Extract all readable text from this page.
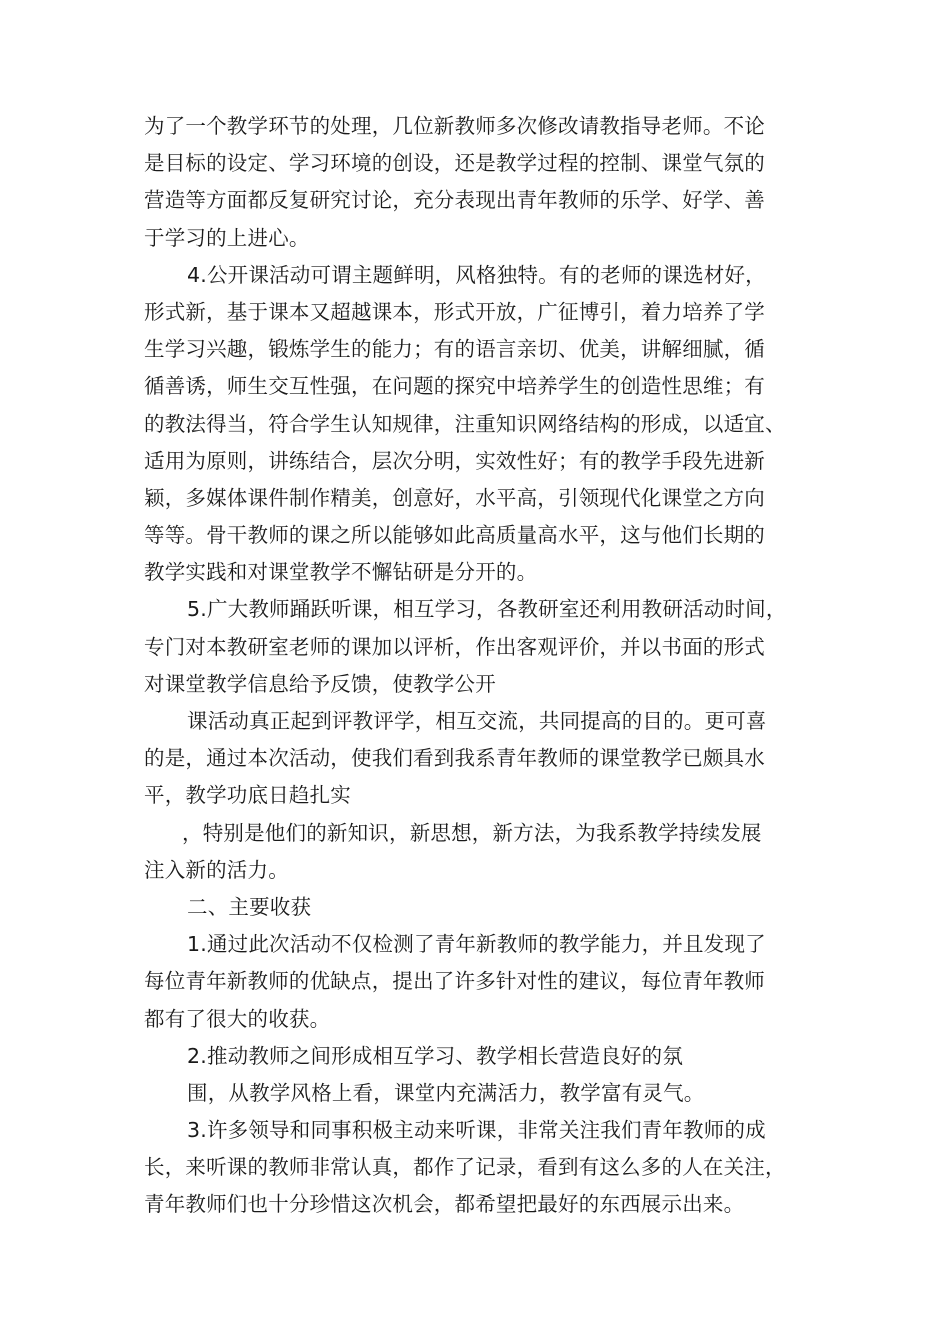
为了一个教学环节的处理，几位新教师多次修改请教指导老师。不论
是目标的设定、学习环境的创设，还是教学过程的控制、课堂气氛的
营造等方面都反复研究讨论，充分表现出青年教师的乐学、好学、善
于学习的上进心。
4.公开课活动可谓主题鲜明，风格独特。有的老师的课选材好，
形式新，基于课本又超越课本，形式开放，广征博引，着力培养了学
生学习兴趣，锻炼学生的能力；有的语言亲切、优美，讲解细腻，循
循善诱，师生交互性强，在问题的探究中培养学生的创造性思维；有
的教法得当，符合学生认知规律，注重知识网络结构的形成，以适宜、
适用为原则，讲练结合，层次分明，实效性好；有的教学手段先进新
颖，多媒体课件制作精美，创意好，水平高，引领现代化课堂之方向
等等。骨干教师的课之所以能够如此高质量高水平，这与他们长期的
教学实践和对课堂教学不懈钻研是分开的。
5.广大教师踊跃听课，相互学习，各教研室还利用教研活动时间，
专门对本教研室老师的课加以评析，作出客观评价，并以书面的形式
对课堂教学信息给予反馈，使教学公开
课活动真正起到评教评学，相互交流，共同提高的目的。更可喜
的是，通过本次活动，使我们看到我系青年教师的课堂教学已颇具水
平，教学功底日趋扎实
，特别是他们的新知识，新思想，新方法，为我系教学持续发展
注入新的活力。
二、主要收获
1.通过此次活动不仅检测了青年新教师的教学能力，并且发现了
每位青年新教师的优缺点，提出了许多针对性的建议，每位青年教师
都有了很大的收获。
2.推动教师之间形成相互学习、教学相长营造良好的氛
围，从教学风格上看，课堂内充满活力，教学富有灵气。
3.许多领导和同事积极主动来听课，非常关注我们青年教师的成
长，来听课的教师非常认真，都作了记录，看到有这么多的人在关注，
青年教师们也十分珍惜这次机会，都希望把最好的东西展示出来。
